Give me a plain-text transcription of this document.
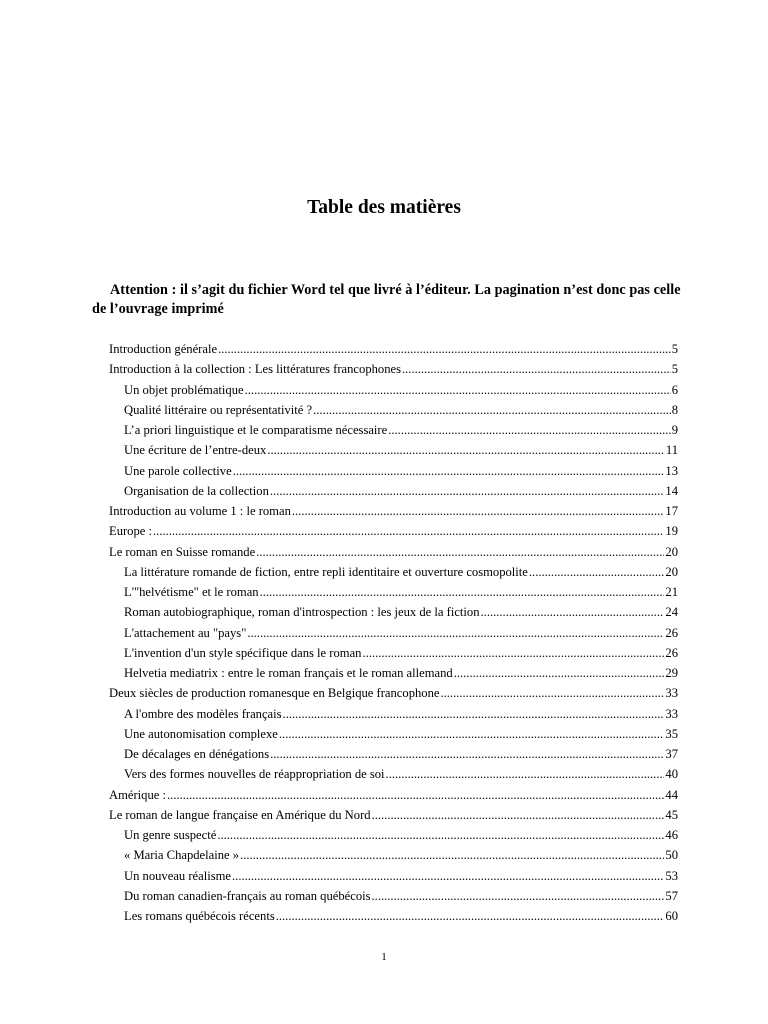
Table des matières

Attention : il s’agit du fichier Word tel que livré à l’éditeur. La pagination n’est donc pas celle de l’ouvrage imprimé

Introduction générale .....	5
Introduction à la collection : Les littératures francophones .....	5
Un objet problématique .....	6
Qualité littéraire ou représentativité ? .....	8
L’a priori linguistique et le comparatisme nécessaire .....	9
Une écriture de l’entre-deux .....	11
Une parole collective .....	13
Organisation de la collection .....	14
Introduction au volume 1 : le roman .....	17
Europe : .....	19
Le roman en Suisse romande .....	20
La littérature romande de fiction, entre repli identitaire et ouverture cosmopolite .....	20
L'"helvétisme" et le roman .....	21
Roman autobiographique, roman d'introspection : les jeux de la fiction .....	24
L'attachement au "pays" .....	26
L'invention d'un style spécifique dans le roman .....	26
Helvetia mediatrix : entre le roman français et le roman allemand .....	29
Deux siècles de production romanesque en Belgique francophone .....	33
A l'ombre des modèles français .....	33
Une autonomisation complexe .....	35
De décalages en dénégations .....	37
Vers des formes nouvelles de réappropriation de soi .....	40
Amérique : .....	44
Le roman de langue française en Amérique du Nord .....	45
Un genre suspecté .....	46
« Maria Chapdelaine » .....	50
Un nouveau réalisme .....	53
Du roman canadien-français au roman québécois .....	57
Les romans québécois récents .....	60
1
